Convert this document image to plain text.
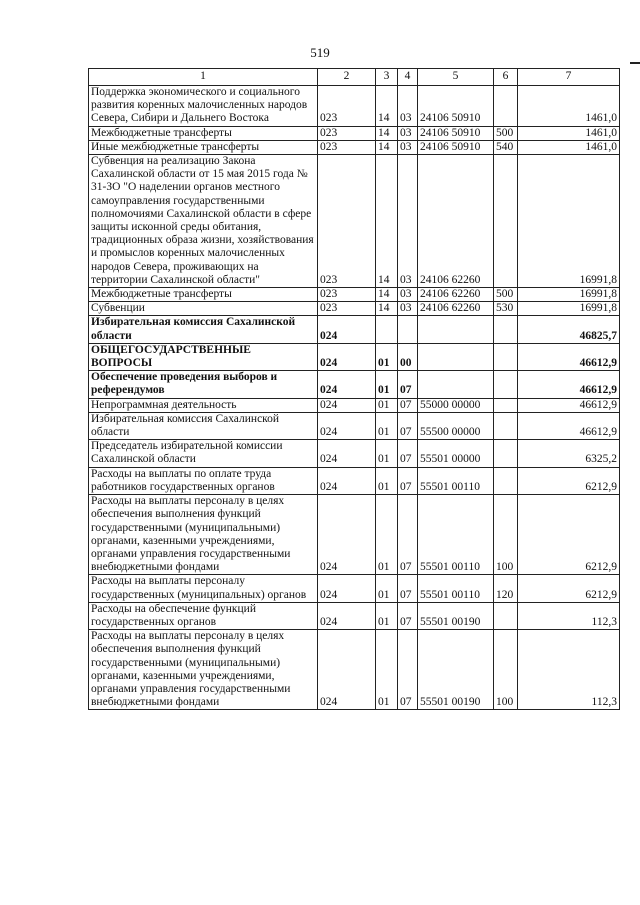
519
1	2	3	4	5	6	7
Поддержка экономического и социального развития коренных малочисленных народов Севера, Сибири и Дальнего Востока	023	14	03	24106 50910		1461,0
Межбюджетные трансферты	023	14	03	24106 50910	500	1461,0
Иные межбюджетные трансферты	023	14	03	24106 50910	540	1461,0
Субвенция на реализацию Закона Сахалинской области от 15 мая 2015 года № 31-ЗО "О наделении органов местного самоуправления государственными полномочиями Сахалинской области в сфере защиты исконной среды обитания, традиционных образа жизни, хозяйствования и промыслов коренных малочисленных народов Севера, проживающих на территории Сахалинской области"	023	14	03	24106 62260		16991,8
Межбюджетные трансферты	023	14	03	24106 62260	500	16991,8
Субвенции	023	14	03	24106 62260	530	16991,8
Избирательная комиссия Сахалинской области	024					46825,7
ОБЩЕГОСУДАРСТВЕННЫЕ ВОПРОСЫ	024	01	00			46612,9
Обеспечение проведения выборов и референдумов	024	01	07			46612,9
Непрограммная деятельность	024	01	07	55000 00000		46612,9
Избирательная комиссия Сахалинской области	024	01	07	55500 00000		46612,9
Председатель избирательной комиссии Сахалинской области	024	01	07	55501 00000		6325,2
Расходы на выплаты по оплате труда работников государственных органов	024	01	07	55501 00110		6212,9
Расходы на выплаты персоналу в целях обеспечения выполнения функций государственными (муниципальными) органами, казенными учреждениями, органами управления государственными внебюджетными фондами	024	01	07	55501 00110	100	6212,9
Расходы на выплаты персоналу государственных (муниципальных) органов	024	01	07	55501 00110	120	6212,9
Расходы на обеспечение функций государственных органов	024	01	07	55501 00190		112,3
Расходы на выплаты персоналу в целях обеспечения выполнения функций государственными (муниципальными) органами, казенными учреждениями, органами управления государственными внебюджетными фондами	024	01	07	55501 00190	100	112,3
